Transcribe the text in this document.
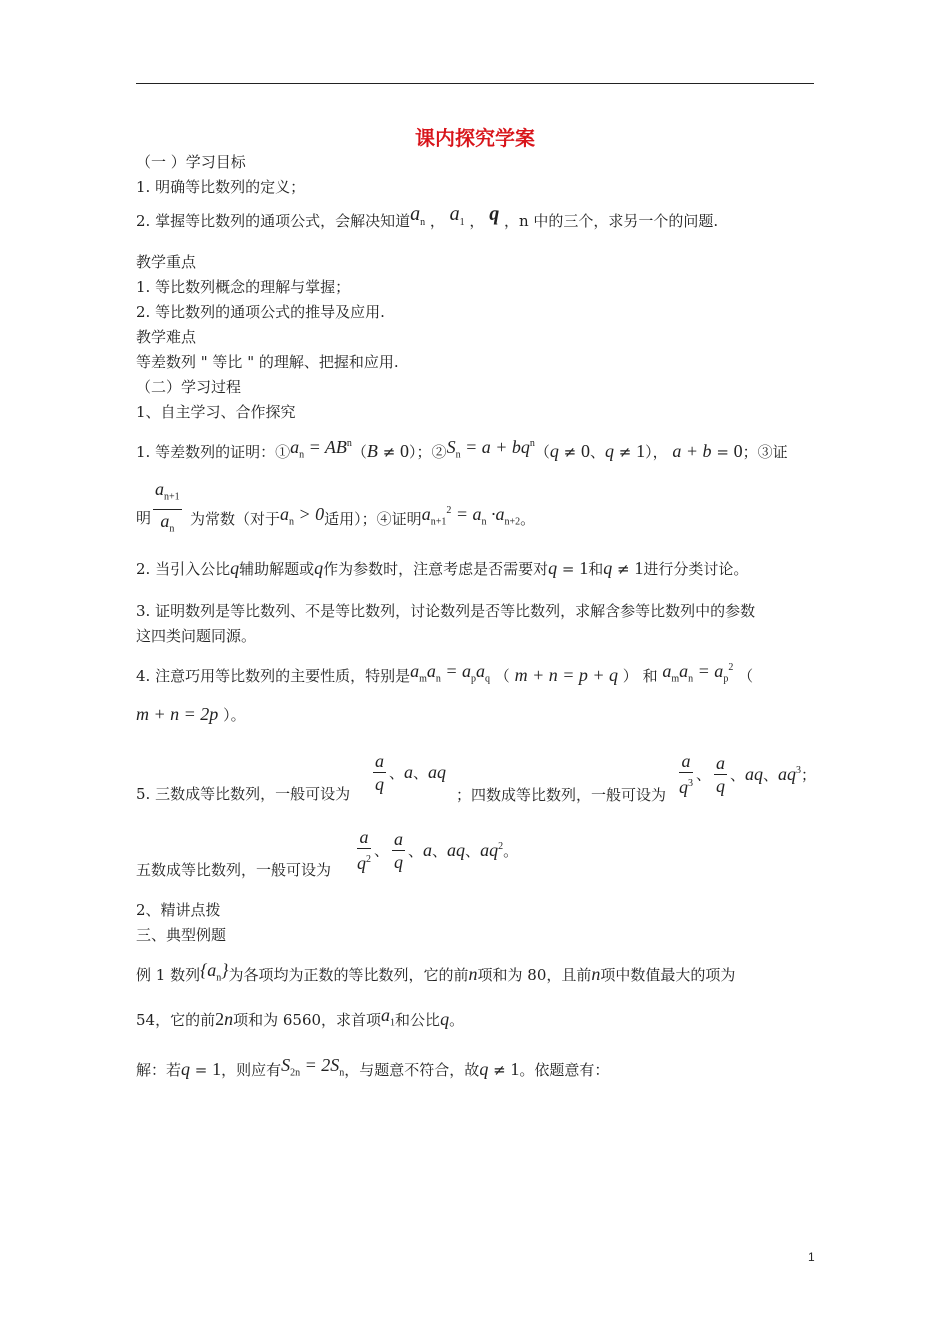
课内探究学案
（一 ）学习目标
1. 明确等比数列的定义；
2. 掌握等比数列的通项公式，会解决知道$a_n$ ， $a_1$ ， q ，n 中的三个，求另一个的问题.
教学重点
1. 等比数列概念的理解与掌握；
2. 等比数列的通项公式的推导及应用.
教学难点
等差数列 " 等比 " 的理解、把握和应用.
（二）学习过程
1、自主学习、合作探究
1. 等差数列的证明：$①a_n = AB^n(B \ne 0)$；$②S_n = a + bq^n(q \ne 0$、q ≠ 1）， a + b = 0；③证
明 $\frac{a_{n+1}}{a_n}$ 为常数（对于$a_n > 0$适用）；④证明$a_{n+1}^2 = a_n \cdot a_{n+2}$。
2. 当引入公比q辅助解题或q作为参数时，注意考虑是否需要对q = 1和q ≠ 1进行分类讨论。
3. 证明数列是等比数列、不是等比数列，讨论数列是否等比数列，求解含参等比数列中的参数
这四类问题同源。
4. 注意巧用等比数列的主要性质，特别是$a_ma_n = a_pa_q$ （ m + n = p + q ） 和 $a_ma_n = a_p^2$ （
m + n = 2p ）。
5. 三数成等比数列，一般可设为 $\frac{a}{q}$ 、a、aq
；四数成等比数列，一般可设为 $\frac{a}{q^3}$ 、 $\frac{a}{q}$ 、aq、$aq^3$；
五数成等比数列，一般可设为 $\frac{a}{q^2}$ 、 $\frac{a}{q}$ 、a、aq、$aq^2$。
2、精讲点拨
三、典型例题
例 1 数列$\{a_n\}$为各项均为正数的等比数列，它的前n项和为 80，且前n项中数值最大的项为
54，它的前2n项和为 6560，求首项$a_1$和公比q。
解：若q = 1，则应有$S_{2n} = 2S_n$，与题意不符合，故q ≠ 1。依题意有：
1
